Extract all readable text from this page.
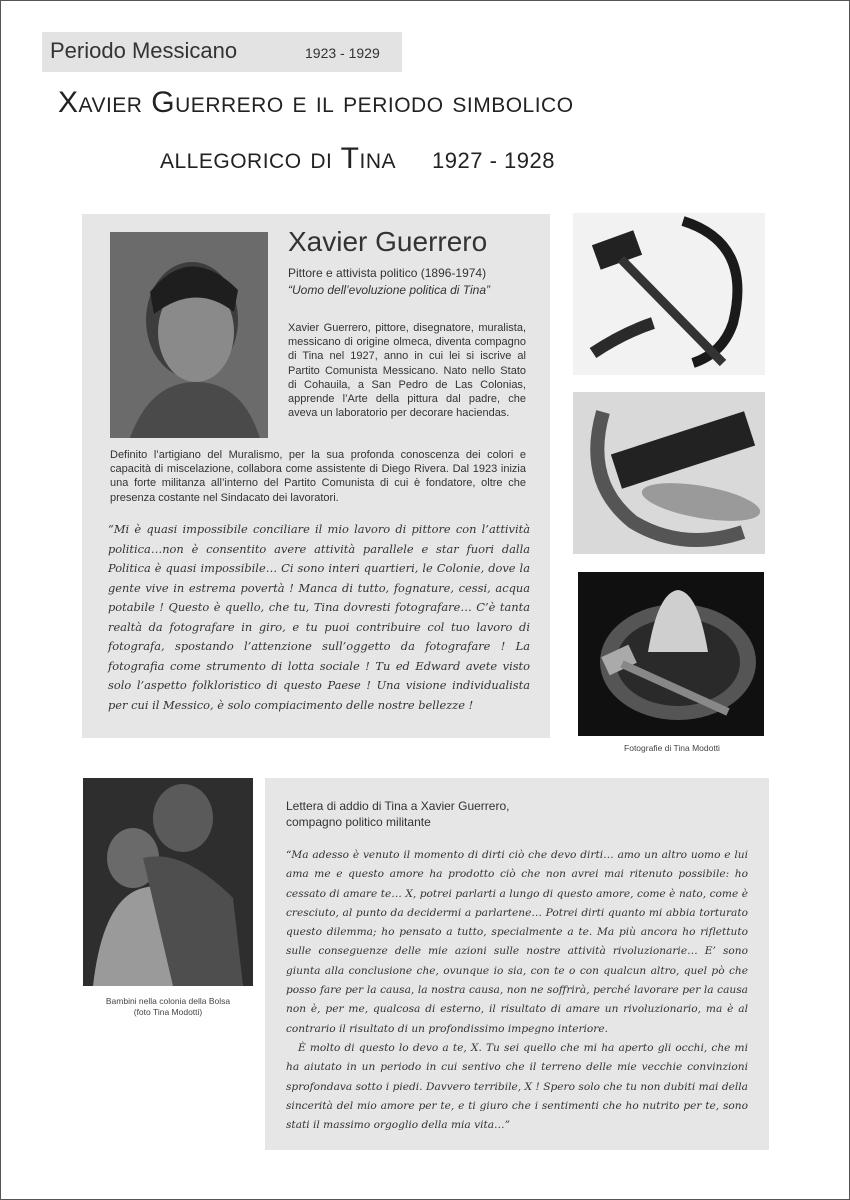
Periodo Messicano	1923 - 1929
Xavier Guerrero e il periodo simbolico
allegorico di Tina 1927 - 1928
Xavier Guerrero
Pittore e attivista politico (1896-1974)
“Uomo dell’evoluzione politica di Tina”

Xavier Guerrero, pittore, disegnatore, muralista, messicano di origine olmeca, diventa compagno di Tina nel 1927, anno in cui lei si iscrive al Partito Comunista Messicano. Nato nello Stato di Cohauila, a San Pedro de Las Colonias, apprende l’Arte della pittura dal padre, che aveva un laboratorio per decorare haciendas.

Definito l’artigiano del Muralismo, per la sua profonda conoscenza dei colori e capacità di miscelazione, collabora come assistente di Diego Rivera. Dal 1923 inizia una forte militanza all’interno del Partito Comunista di cui è fondatore, oltre che presenza costante nel Sindacato dei lavoratori.

“Mi è quasi impossibile conciliare il mio lavoro di pittore con l’attività politica…non è consentito avere attività parallele e star fuori dalla Politica è quasi impossibile… Ci sono interi quartieri, le Colonie, dove la gente vive in estrema povertà ! Manca di tutto, fognature, cessi, acqua potabile ! Questo è quello, che tu, Tina dovresti fotografare… C’è tanta realtà da fotografare in giro, e tu puoi contribuire col tuo lavoro di fotografa, spostando l’attenzione sull’oggetto da fotografare ! La fotografia come strumento di lotta sociale ! Tu ed Edward avete visto solo l’aspetto folkloristico di questo Paese ! Una visione individualista per cui il Messico, è solo compiacimento delle nostre bellezze !

Fotografie di Tina Modotti
Bambini nella colonia della Bolsa
(foto Tina Modotti)
Lettera di addio di Tina a Xavier Guerrero,
compagno politico militante

“Ma adesso è venuto il momento di dirti ciò che devo dirti… amo un altro uomo e lui ama me e questo amore ha prodotto ciò che non avrei mai ritenuto possibile: ho cessato di amare te… X, potrei parlarti a lungo di questo amore, come è nato, come è cresciuto, al punto da decidermi a parlartene… Potrei dirti quanto mi abbia torturato questo dilemma; ho pensato a tutto, specialmente a te. Ma più ancora ho riflettuto sulle conseguenze delle mie azioni sulle nostre attività rivoluzionarie… E’ sono giunta alla conclusione che, ovunque io sia, con te o con qualcun altro, quel pò che posso fare per la causa, la nostra causa, non ne soffrirà, perché lavorare per la causa non è, per me, qualcosa di esterno, il risultato di amare un rivoluzionario, ma è al contrario il risultato di un profondissimo impegno interiore.

È molto di questo lo devo a te, X. Tu sei quello che mi ha aperto gli occhi, che mi ha aiutato in un periodo in cui sentivo che il terreno delle mie vecchie convinzioni sprofondava sotto i piedi. Davvero terribile, X ! Spero solo che tu non dubiti mai della sincerità del mio amore per te, e ti giuro che i sentimenti che ho nutrito per te, sono stati il massimo orgoglio della mia vita…”
